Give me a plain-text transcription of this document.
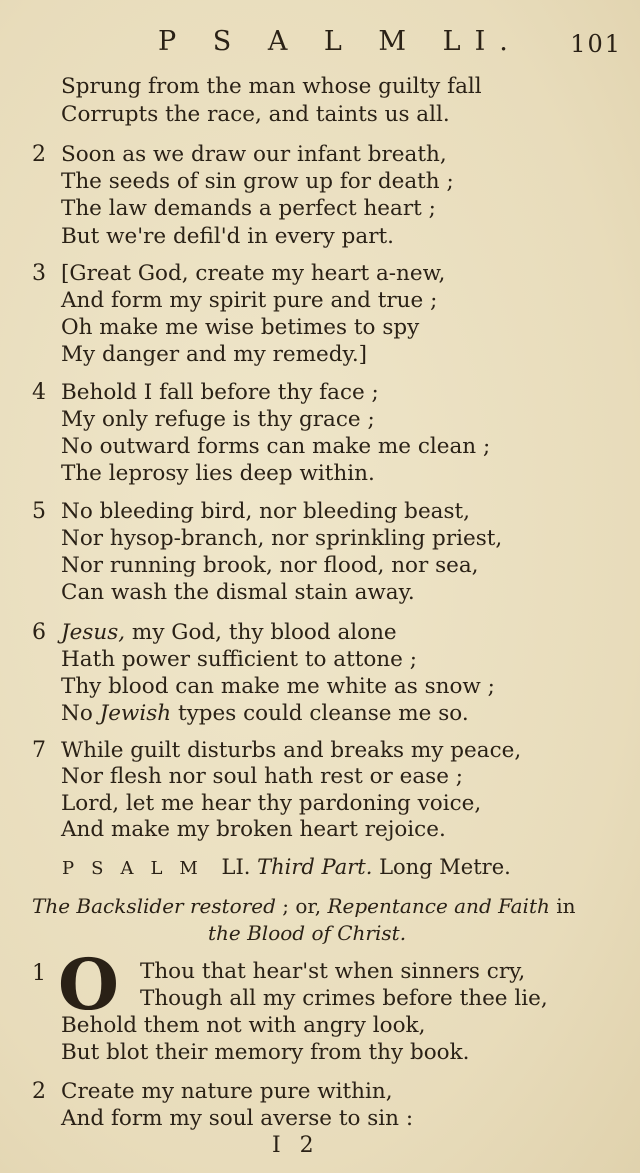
P S A L M LI. 101
Sprung from the man whose guilty fall
Corrupts the race, and taints us all.
2 Soon as we draw our infant breath,
The seeds of sin grow up for death ;
The law demands a perfect heart ;
But we're defil'd in every part.
3 [Great God, create my heart a-new,
And form my spirit pure and true ;
Oh make me wise betimes to spy
My danger and my remedy.]
4 Behold I fall before thy face ;
My only refuge is thy grace ;
No outward forms can make me clean ;
The leprosy lies deep within.
5 No bleeding bird, nor bleeding beast,
Nor hysop-branch, nor sprinkling priest,
Nor running brook, nor flood, nor sea,
Can wash the dismal stain away.
6 Jesus, my God, thy blood alone
Hath power sufficient to attone ;
Thy blood can make me white as snow ;
No Jewish types could cleanse me so.
7 While guilt disturbs and breaks my peace,
Nor flesh nor soul hath rest or ease ;
Lord, let me hear thy pardoning voice,
And make my broken heart rejoice.
PSALM LI. Third Part. Long Metre.
The Backslider restored ; or, Repentance and Faith in
the Blood of Christ.
1 O Thou that hear'st when sinners cry,
Though all my crimes before thee lie,
Behold them not with angry look,
But blot their memory from thy book.
2 Create my nature pure within,
And form my soul averse to sin :
I 2
